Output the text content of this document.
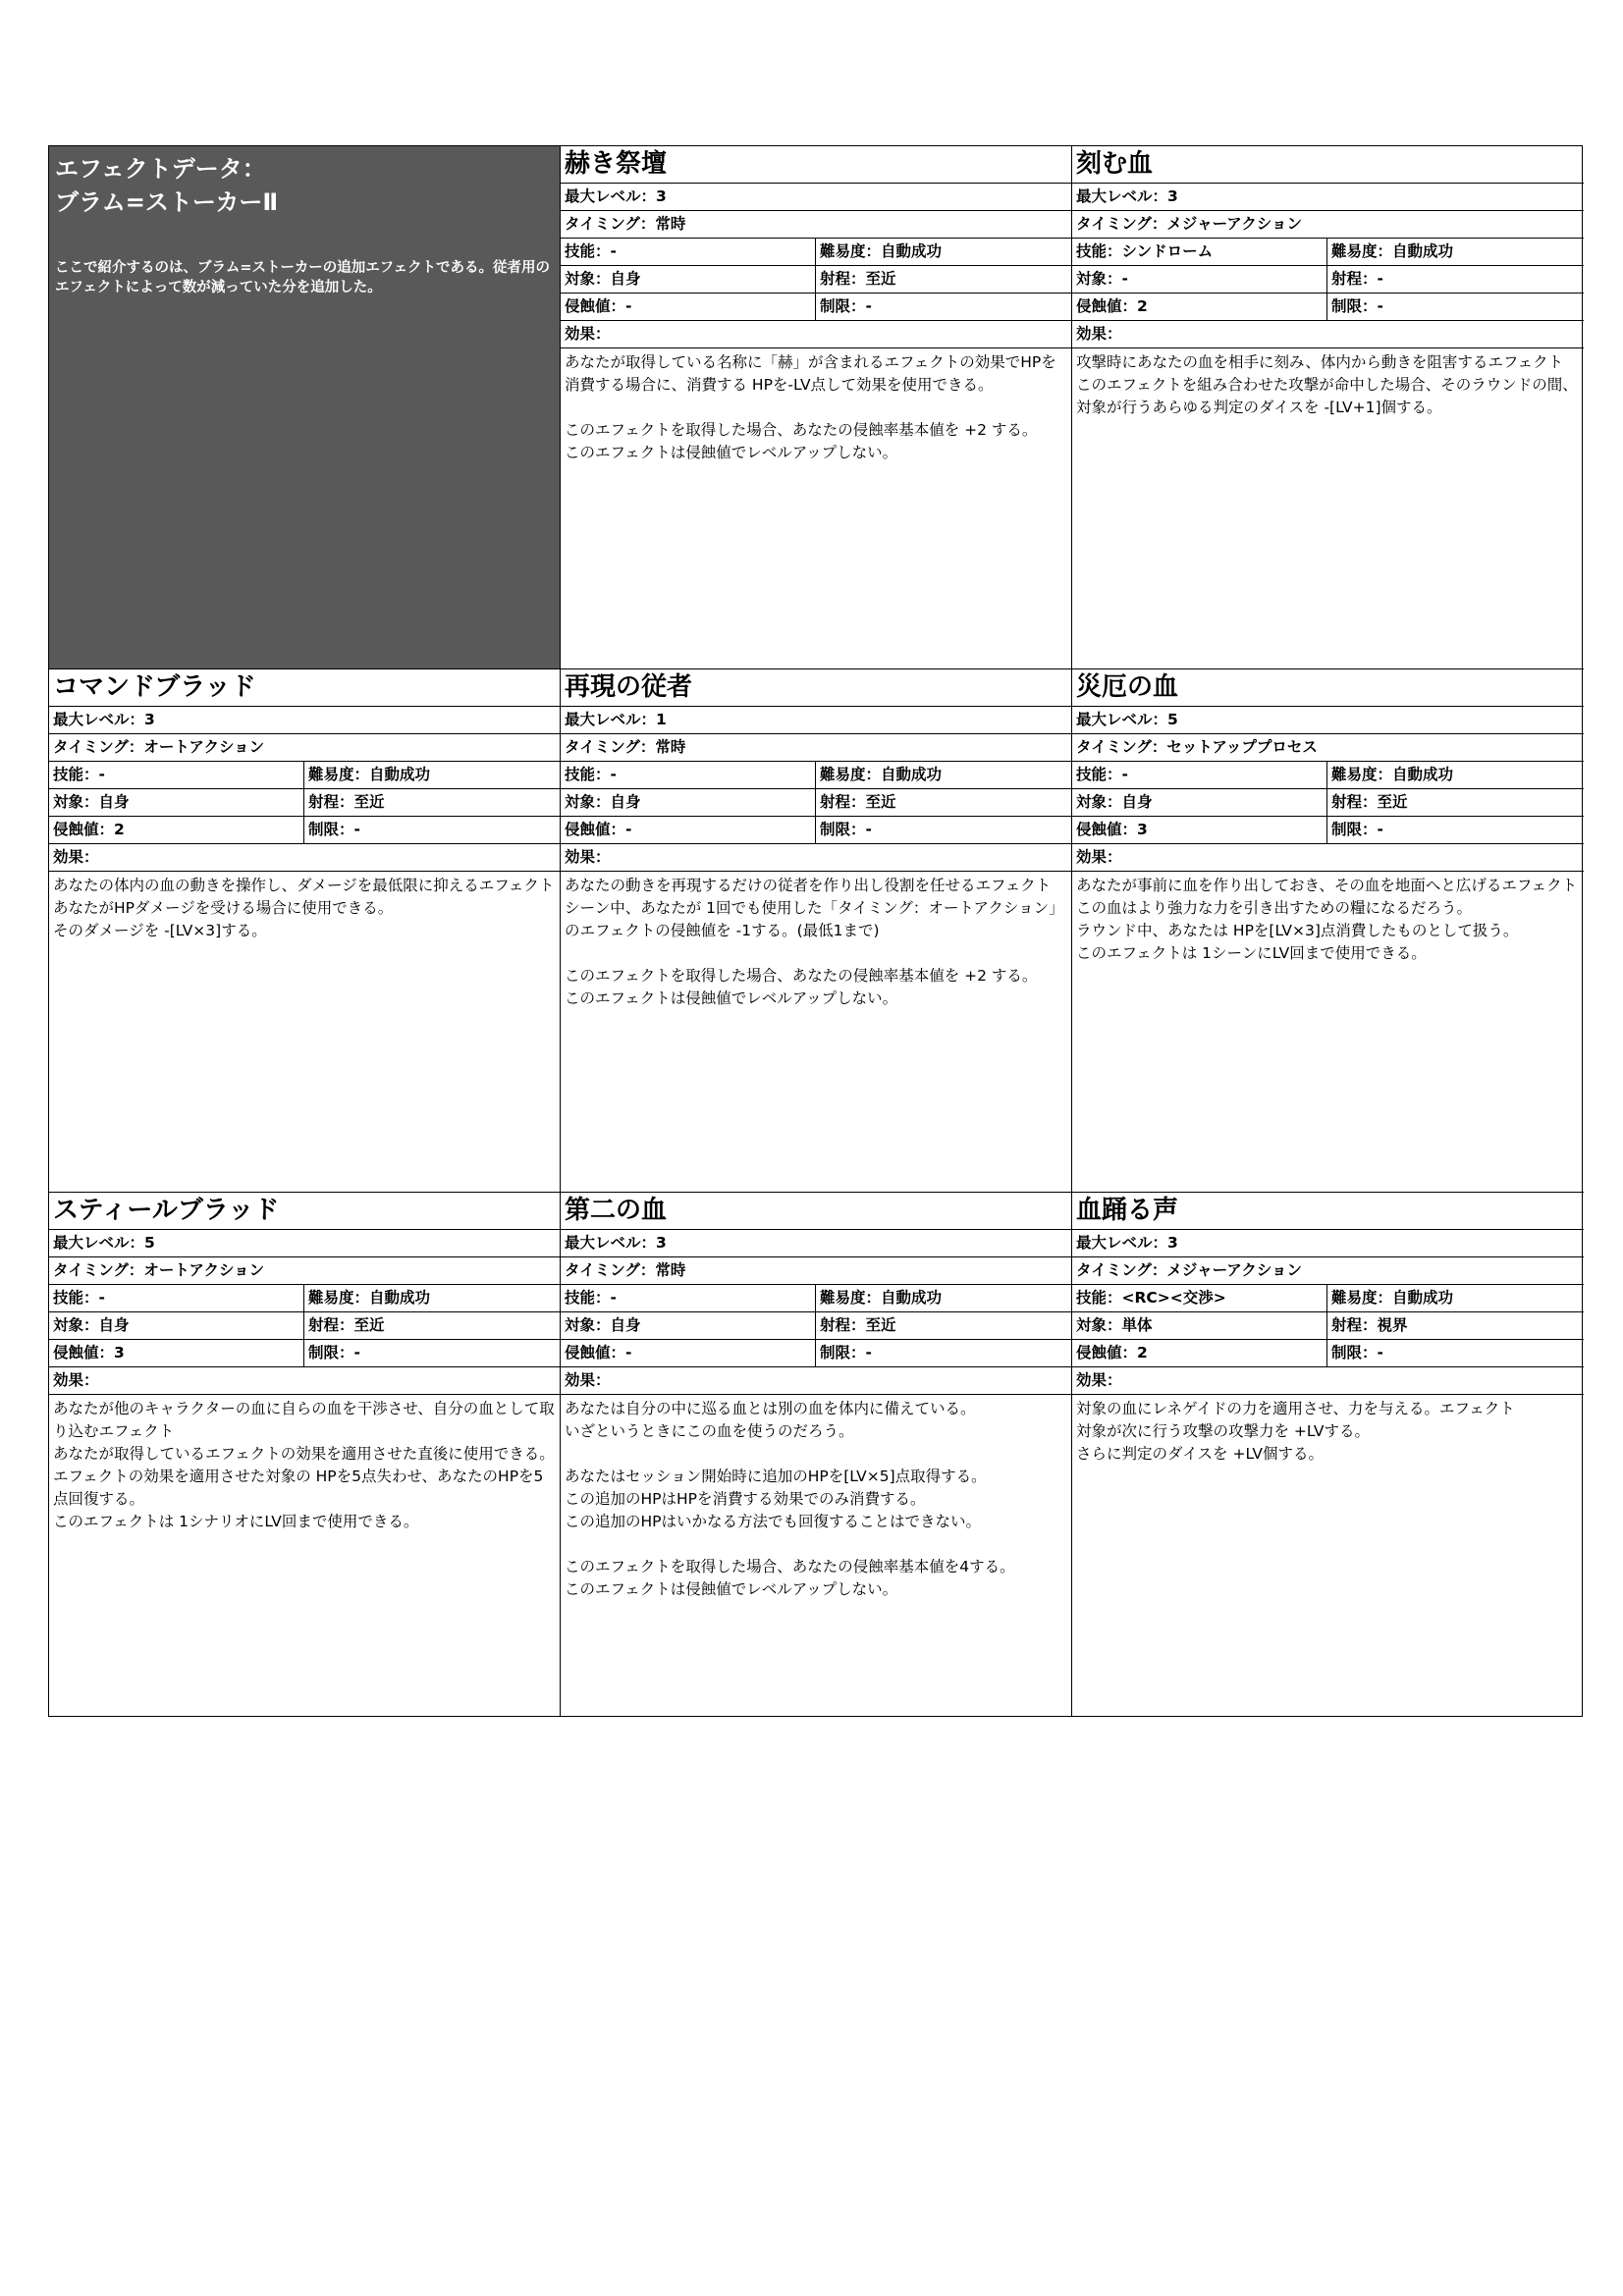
エフェクトデータ：
ブラム=ストーカーⅡ
ここで紹介するのは、ブラム=ストーカーの追加エフェクトである。従者用のエフェクトによって数が減っていた分を追加した。
赫き祭壇
最大レベル：3
タイミング：常時
技能：-	難易度：自動成功
対象：自身	射程：至近
侵蝕値：-	制限：-
効果：

あなたが取得している名称に「赫」が含まれるエフェクトの効果でHPを消費する場合に、消費する HPを-LV点して効果を使用できる。

このエフェクトを取得した場合、あなたの侵蝕率基本値を +2 する。
このエフェクトは侵蝕値でレベルアップしない。

刻む血
最大レベル：3
タイミング：メジャーアクション
技能：シンドローム	難易度：自動成功
対象：-	射程：-
侵蝕値：2	制限：-
効果：

攻撃時にあなたの血を相手に刻み、体内から動きを阻害するエフェクト
このエフェクトを組み合わせた攻撃が命中した場合、そのラウンドの間、対象が行うあらゆる判定のダイスを -[LV+1]個する。

コマンドブラッド
最大レベル：3
タイミング：オートアクション
技能：-	難易度：自動成功
対象：自身	射程：至近
侵蝕値：2	制限：-
効果：

あなたの体内の血の動きを操作し、ダメージを最低限に抑えるエフェクト
あなたがHPダメージを受ける場合に使用できる。
そのダメージを -[LV×3]する。

再現の従者
最大レベル：1
タイミング：常時
技能：-	難易度：自動成功
対象：自身	射程：至近
侵蝕値：-	制限：-
効果：

あなたの動きを再現するだけの従者を作り出し役割を任せるエフェクト
シーン中、あなたが 1回でも使用した「タイミング：オートアクション」のエフェクトの侵蝕値を -1する。(最低1まで)

このエフェクトを取得した場合、あなたの侵蝕率基本値を +2 する。
このエフェクトは侵蝕値でレベルアップしない。

災厄の血
最大レベル：5
タイミング：セットアッププロセス
技能：-	難易度：自動成功
対象：自身	射程：至近
侵蝕値：3	制限：-
効果：

あなたが事前に血を作り出しておき、その血を地面へと広げるエフェクト
この血はより強力な力を引き出すための糧になるだろう。
ラウンド中、あなたは HPを[LV×3]点消費したものとして扱う。
このエフェクトは 1シーンにLV回まで使用できる。

スティールブラッド
最大レベル：5
タイミング：オートアクション
技能：-	難易度：自動成功
対象：自身	射程：至近
侵蝕値：3	制限：-
効果：

あなたが他のキャラクターの血に自らの血を干渉させ、自分の血として取り込むエフェクト
あなたが取得しているエフェクトの効果を適用させた直後に使用できる。
エフェクトの効果を適用させた対象の HPを5点失わせ、あなたのHPを5点回復する。
このエフェクトは 1シナリオにLV回まで使用できる。

第二の血
最大レベル：3
タイミング：常時
技能：-	難易度：自動成功
対象：自身	射程：至近
侵蝕値：-	制限：-
効果：

あなたは自分の中に巡る血とは別の血を体内に備えている。
いざというときにこの血を使うのだろう。

あなたはセッション開始時に追加のHPを[LV×5]点取得する。
この追加のHPはHPを消費する効果でのみ消費する。
この追加のHPはいかなる方法でも回復することはできない。

このエフェクトを取得した場合、あなたの侵蝕率基本値を4する。
このエフェクトは侵蝕値でレベルアップしない。

血踊る声
最大レベル：3
タイミング：メジャーアクション
技能：<RC><交渉>	難易度：自動成功
対象：単体	射程：視界
侵蝕値：2	制限：-
効果：

対象の血にレネゲイドの力を適用させ、力を与える。エフェクト
対象が次に行う攻撃の攻撃力を +LVする。
さらに判定のダイスを +LV個する。
